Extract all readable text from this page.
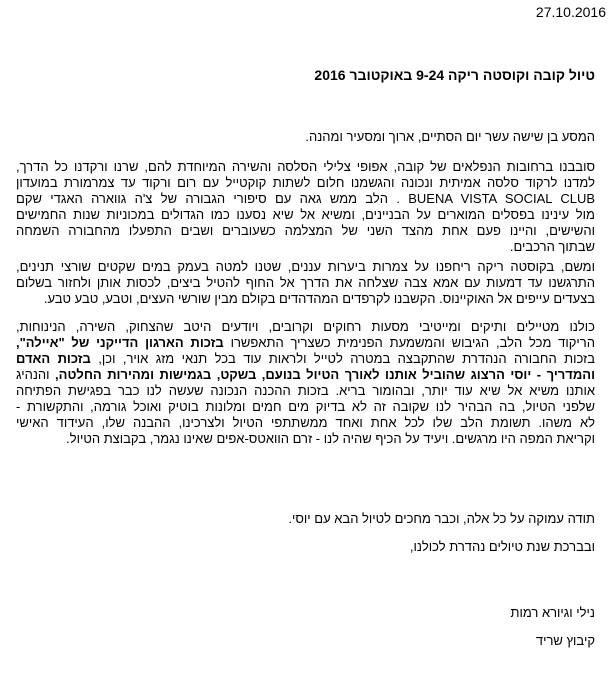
27.10.2016
טיול קובה וקוסטה ריקה 9-24 באוקטובר 2016
המסע בן שישה עשר יום הסתיים, ארוך ומסעיר ומהנה.
סובבנו ברחובות הנפלאים של קובה, אפופי צלילי הסלסה והשירה המיוחדת להם, שרנו ורקדנו כל הדרך,
למדנו לרקוד סלסה אמיתית ונכונה והגשמנו חלום לשתות קוקטייל עם רום ורקוד עד צמרמורת במועדון
BUENA VISTA SOCIAL CLUB . הלב ממש גאה עם סיפורי הגבורה של צ'ה גווארה האגדי שקם
מול עינינו בפסלים המוארים על הבניינים, ומשיא אל שיא נסענו כמו הגדולים במכוניות שנות החמישים
והשישים, והיינו פעם אחת מהצד השני של המצלמה כשעוברים ושבים התפעלו מהחבורה השמחה
שבתוך הרכבים.
ומשם, בקוסטה ריקה ריחפנו על צמרות ביערות עננים, שטנו למטה בעמק במים שקטים שורצי תנינים,
התרגשנו עד דמעות עם אמא צבה שצלחה את הדרך אל החוף להטיל ביצים, לכסות אותן ולחזור בשלום
בצעדים עייפים אל האוקיינוס. הקשבנו לקרפדים המהדהדים בקולם מבין שורשי העצים, וטבע, טבע טבע.
כולנו מטיילים ותיקים ומייטיבי מסעות רחוקים וקרובים, ויודעים היטב שהצחוק, השירה, הנינוחות,
הריקוד מכל הלב, הגיבוש והמשמעת הפנימית כשצריך התאפשרו בזכות הארגון הדייקני של "איילה",
בזכות החבורה הנהדרת שהתקבצה במטרה לטייל ולראות עוד בכל תנאי מזג אויר, וכן, בזכות האדם
והמדריך - יוסי הרצוג שהוביל אותנו לאורך הטיול בנועם, בשקט, בגמישות ומהירות החלטה, והנהיג
אותנו משיא אל שיא עוד יותר, ובהומור בריא. בזכות ההכנה הנכונה שעשה לנו כבר בפגישת הפתיחה
שלפני הטיול, בה הבהיר לנו שקובה זה לא בדיוק מים חמים ומלונות בוטיק ואוכל גורמה, והתקשורת -
לא משהו. תשומת הלב שלו לכל אחת ואחד ממשתתפי הטיול ולצרכינו, ההבנה שלו, העידוד האישי
וקריאת המפה היו מרגשים. ויעיד על הכיף שהיה לנו - זרם הוואטס-אפים שאינו נגמר, בקבוצת הטיול.
תודה עמוקה על כל אלה, וכבר מחכים לטיול הבא עם יוסי.
ובברכת שנת טיולים נהדרת לכולנו,
נילי וגיורא רמות
קיבוץ שריד
